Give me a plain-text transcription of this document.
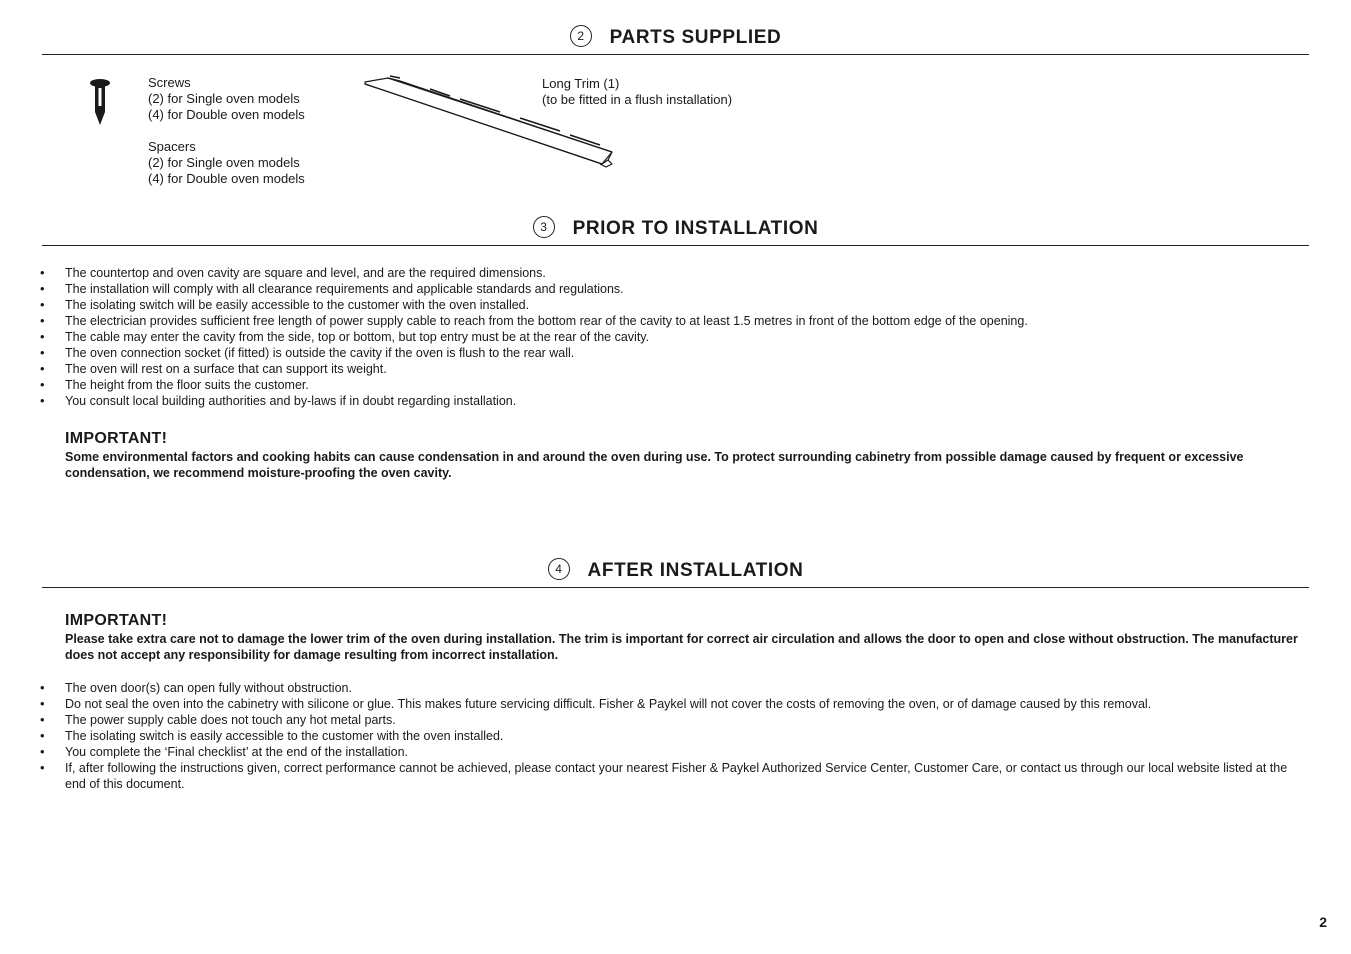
2 PARTS SUPPLIED
Screws
(2) for Single oven models
(4) for Double oven models
Spacers
(2) for Single oven models
(4) for Double oven models
Long Trim (1)
(to be fitted in a flush installation)
3 PRIOR TO INSTALLATION
• The countertop and oven cavity are square and level, and are the required dimensions.
• The installation will comply with all clearance requirements and applicable standards and regulations.
• The isolating switch will be easily accessible to the customer with the oven installed.
• The electrician provides sufficient free length of power supply cable to reach from the bottom rear of the cavity to at least 1.5 metres in front of the bottom edge of the opening.
• The cable may enter the cavity from the side, top or bottom, but top entry must be at the rear of the cavity.
• The oven connection socket (if fitted) is outside the cavity if the oven is flush to the rear wall.
• The oven will rest on a surface that can support its weight.
• The height from the floor suits the customer.
• You consult local building authorities and by-laws if in doubt regarding installation.
IMPORTANT!
Some environmental factors and cooking habits can cause condensation in and around the oven during use. To protect surrounding cabinetry from possible damage caused by frequent or excessive condensation, we recommend moisture-proofing the oven cavity.
4 AFTER INSTALLATION
IMPORTANT!
Please take extra care not to damage the lower trim of the oven during installation. The trim is important for correct air circulation and allows the door to open and close without obstruction. The manufacturer does not accept any responsibility for damage resulting from incorrect installation.
• The oven door(s) can open fully without obstruction.
• Do not seal the oven into the cabinetry with silicone or glue. This makes future servicing difficult. Fisher & Paykel will not cover the costs of removing the oven, or of damage caused by this removal.
• The power supply cable does not touch any hot metal parts.
• The isolating switch is easily accessible to the customer with the oven installed.
• You complete the ‘Final checklist’ at the end of the installation.
• If, after following the instructions given, correct performance cannot be achieved, please contact your nearest Fisher & Paykel Authorized Service Center, Customer Care, or contact us through our local website listed at the end of this document.
2
